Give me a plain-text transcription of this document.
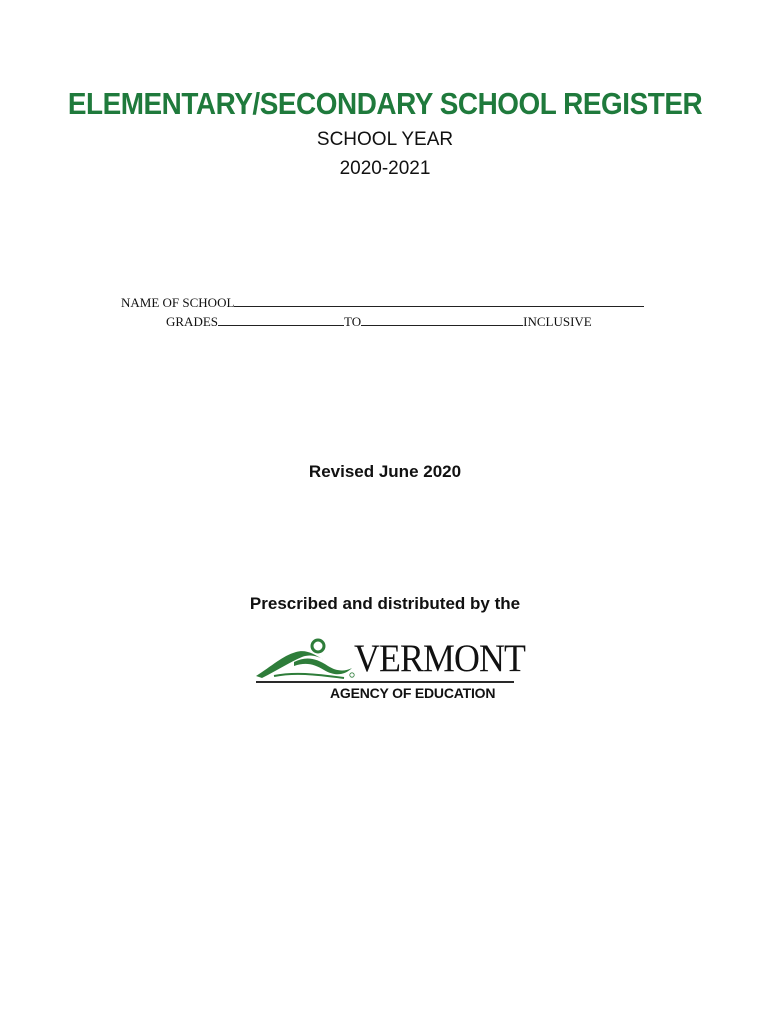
ELEMENTARY/SECONDARY SCHOOL REGISTER
SCHOOL YEAR
2020-2021
NAME OF SCHOOL
GRADES	TO	INCLUSIVE
Revised June 2020
Prescribed and distributed by the
VERMONT
AGENCY OF EDUCATION
